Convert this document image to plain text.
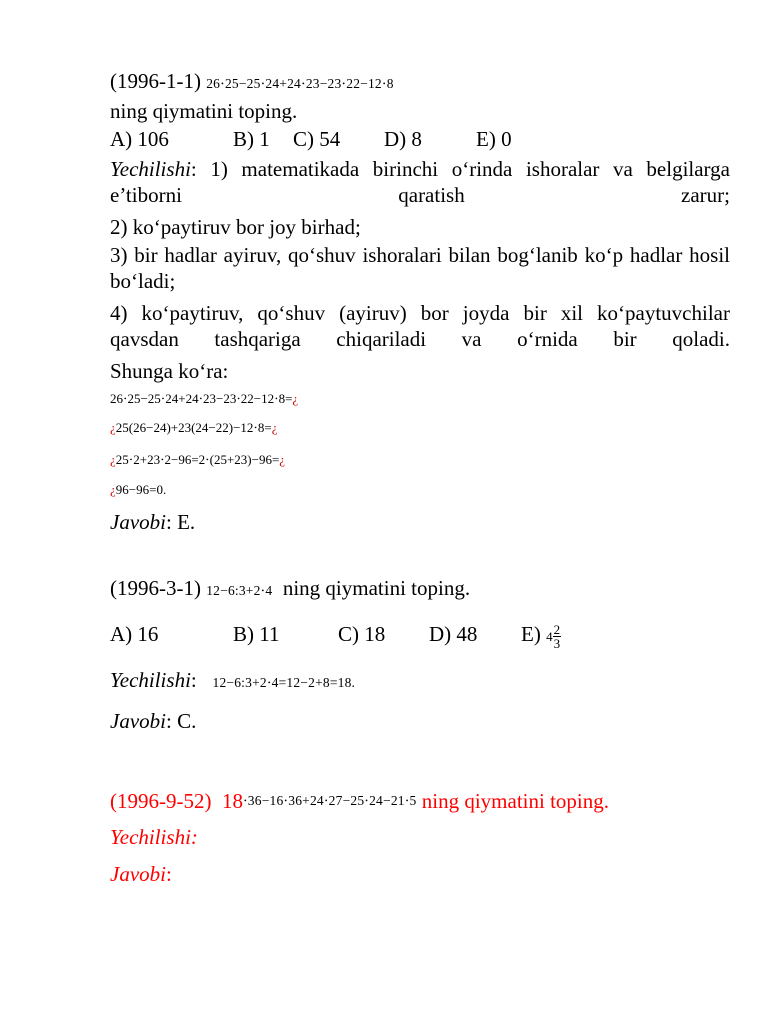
(1996-1-1) 26⋅25−25⋅24+24⋅23−23⋅22−12⋅8
ning qiymatini toping.
A) 106	B) 1 C) 54 D) 8	E) 0
Yechilishi: 1) matematikada birinchi o‘rinda ishoralar va belgilarga e’tiborni qaratish zarur;
2) ko‘paytiruv bor joy birhad;
3) bir hadlar ayiruv, qo‘shuv ishoralari bilan bog‘lanib ko‘p hadlar hosil bo‘ladi;
4) ko‘paytiruv, qo‘shuv (ayiruv) bor joyda bir xil ko‘paytuvchilar qavsdan tashqariga chiqariladi va o‘rnida bir qoladi.
Shunga ko‘ra:
26⋅25−25⋅24+24⋅23−23⋅22−12⋅8=¿
¿25(26−24)+23(24−22)−12⋅8=¿
¿25⋅2+23⋅2−96=2⋅(25+23)−96=¿
¿96−96=0.
Javobi: E.
(1996-3-1) 12−6:3+2⋅4 ning qiymatini toping.
A) 16	B) 11	C) 18 D) 48 E) $4 \frac{2}{3}$
Yechilishi: 12−6:3+2⋅4=12−2+8=18.
Javobi: C.
(1996-9-52) 18⋅36−16⋅36+24⋅27−25⋅24−21⋅5 ning qiymatini toping.
Yechilishi:
Javobi:
